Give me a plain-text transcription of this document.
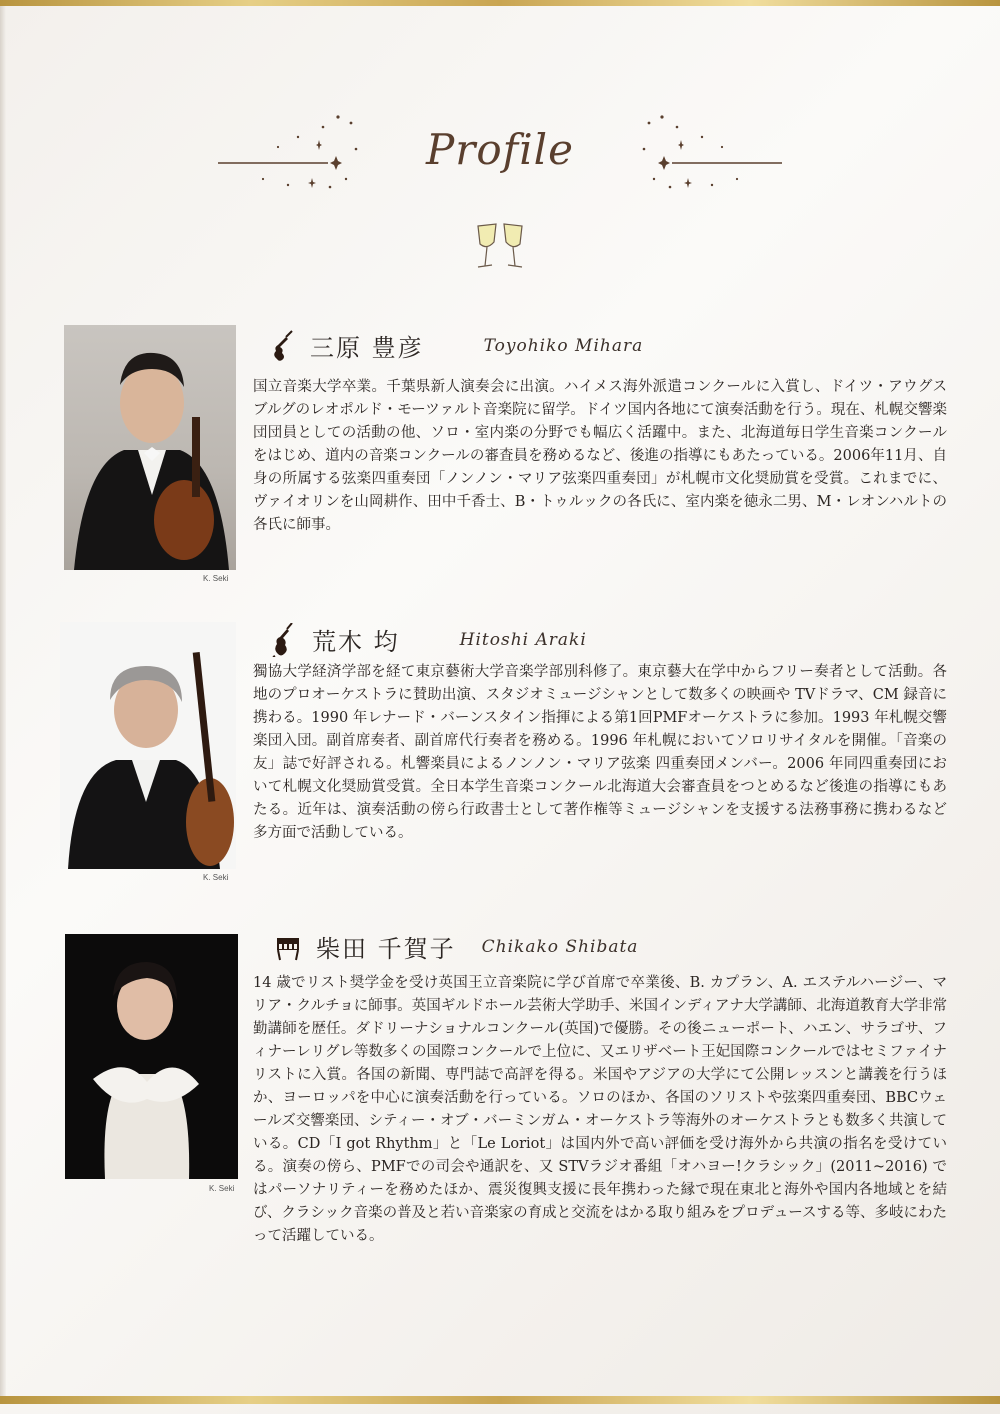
Profile
K. Seki
三原 豊彦	Toyohiko Mihara
国立音楽大学卒業。千葉県新人演奏会に出演。ハイメス海外派遣コンクールに入賞し、ドイツ・アウグスブルグのレオポルド・モーツァルト音楽院に留学。ドイツ国内各地にて演奏活動を行う。現在、札幌交響楽団団員としての活動の他、ソロ・室内楽の分野でも幅広く活躍中。また、北海道毎日学生音楽コンクールをはじめ、道内の音楽コンクールの審査員を務めるなど、後進の指導にもあたっている。2006年11月、自身の所属する弦楽四重奏団「ノンノン・マリア弦楽四重奏団」が札幌市文化奨励賞を受賞。これまでに、ヴァイオリンを山岡耕作、田中千香士、B・トゥルックの各氏に、室内楽を徳永二男、M・レオンハルトの各氏に師事。
K. Seki
荒木 均	Hitoshi Araki
獨協大学経済学部を経て東京藝術大学音楽学部別科修了。東京藝大在学中からフリー奏者として活動。各地のプロオーケストラに賛助出演、スタジオミュージシャンとして数多くの映画や TVドラマ、CM 録音に携わる。1990 年レナード・バーンスタイン指揮による第1回PMFオーケストラに参加。1993 年札幌交響楽団入団。副首席奏者、副首席代行奏者を務める。1996 年札幌においてソロリサイタルを開催。「音楽の友」誌で好評される。札響楽員によるノンノン・マリア弦楽 四重奏団メンバー。2006 年同四重奏団において札幌文化奨励賞受賞。全日本学生音楽コンクール北海道大会審査員をつとめるなど後進の指導にもあたる。近年は、演奏活動の傍ら行政書士として著作権等ミュージシャンを支援する法務事務に携わるなど多方面で活動している。
K. Seki
柴田 千賀子 Chikako Shibata
14 歳でリスト奨学金を受け英国王立音楽院に学び首席で卒業後、B. カプラン、A. エステルハージー、マリア・クルチョに師事。英国ギルドホール芸術大学助手、米国インディアナ大学講師、北海道教育大学非常勤講師を歴任。ダドリーナショナルコンクール(英国)で優勝。その後ニューポート、ハエン、サラゴサ、フィナーレリグレ等数多くの国際コンクールで上位に、又エリザベート王妃国際コンクールではセミファイナリストに入賞。各国の新聞、専門誌で高評を得る。米国やアジアの大学にて公開レッスンと講義を行うほか、ヨーロッパを中心に演奏活動を行っている。ソロのほか、各国のソリストや弦楽四重奏団、BBCウェールズ交響楽団、シティー・オブ・バーミンガム・オーケストラ等海外のオーケストラとも数多く共演している。CD「I got Rhythm」と「Le Loriot」は国内外で高い評価を受け海外から共演の指名を受けている。演奏の傍ら、PMFでの司会や通訳を、又 STVラジオ番組「オハヨー!クラシック」(2011~2016) ではパーソナリティーを務めたほか、震災復興支援に長年携わった縁で現在東北と海外や国内各地域とを結び、クラシック音楽の普及と若い音楽家の育成と交流をはかる取り組みをプロデュースする等、多岐にわたって活躍している。
